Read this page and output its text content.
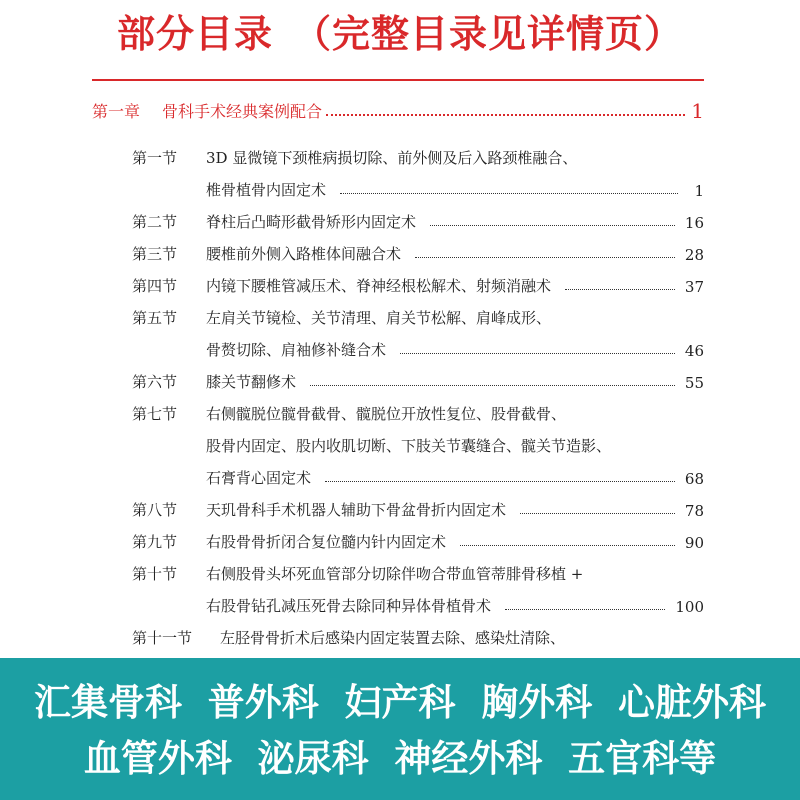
部分目录　（完整目录见详情页）
第一章	骨科手术经典案例配合	1
第一节	3D 显微镜下颈椎病损切除、前外侧及后入路颈椎融合、
椎骨植骨内固定术	1
第二节	脊柱后凸畸形截骨矫形内固定术	16
第三节	腰椎前外侧入路椎体间融合术	28
第四节	内镜下腰椎管减压术、脊神经根松解术、射频消融术	37
第五节	左肩关节镜检、关节清理、肩关节松解、肩峰成形、
骨赘切除、肩袖修补缝合术	46
第六节	膝关节翻修术	55
第七节	右侧髋脱位髋骨截骨、髋脱位开放性复位、股骨截骨、
股骨内固定、股内收肌切断、下肢关节囊缝合、髋关节造影、
石膏背心固定术	68
第八节	天玑骨科手术机器人辅助下骨盆骨折内固定术	78
第九节	右股骨骨折闭合复位髓内针内固定术	90
第十节	右侧股骨头坏死血管部分切除伴吻合带血管蒂腓骨移植 +
右股骨钻孔减压死骨去除同种异体骨植骨术	100
第十一节	左胫骨骨折术后感染内固定装置去除、感染灶清除、
汇集骨科  普外科  妇产科  胸外科  心脏外科
血管外科  泌尿科  神经外科  五官科等
